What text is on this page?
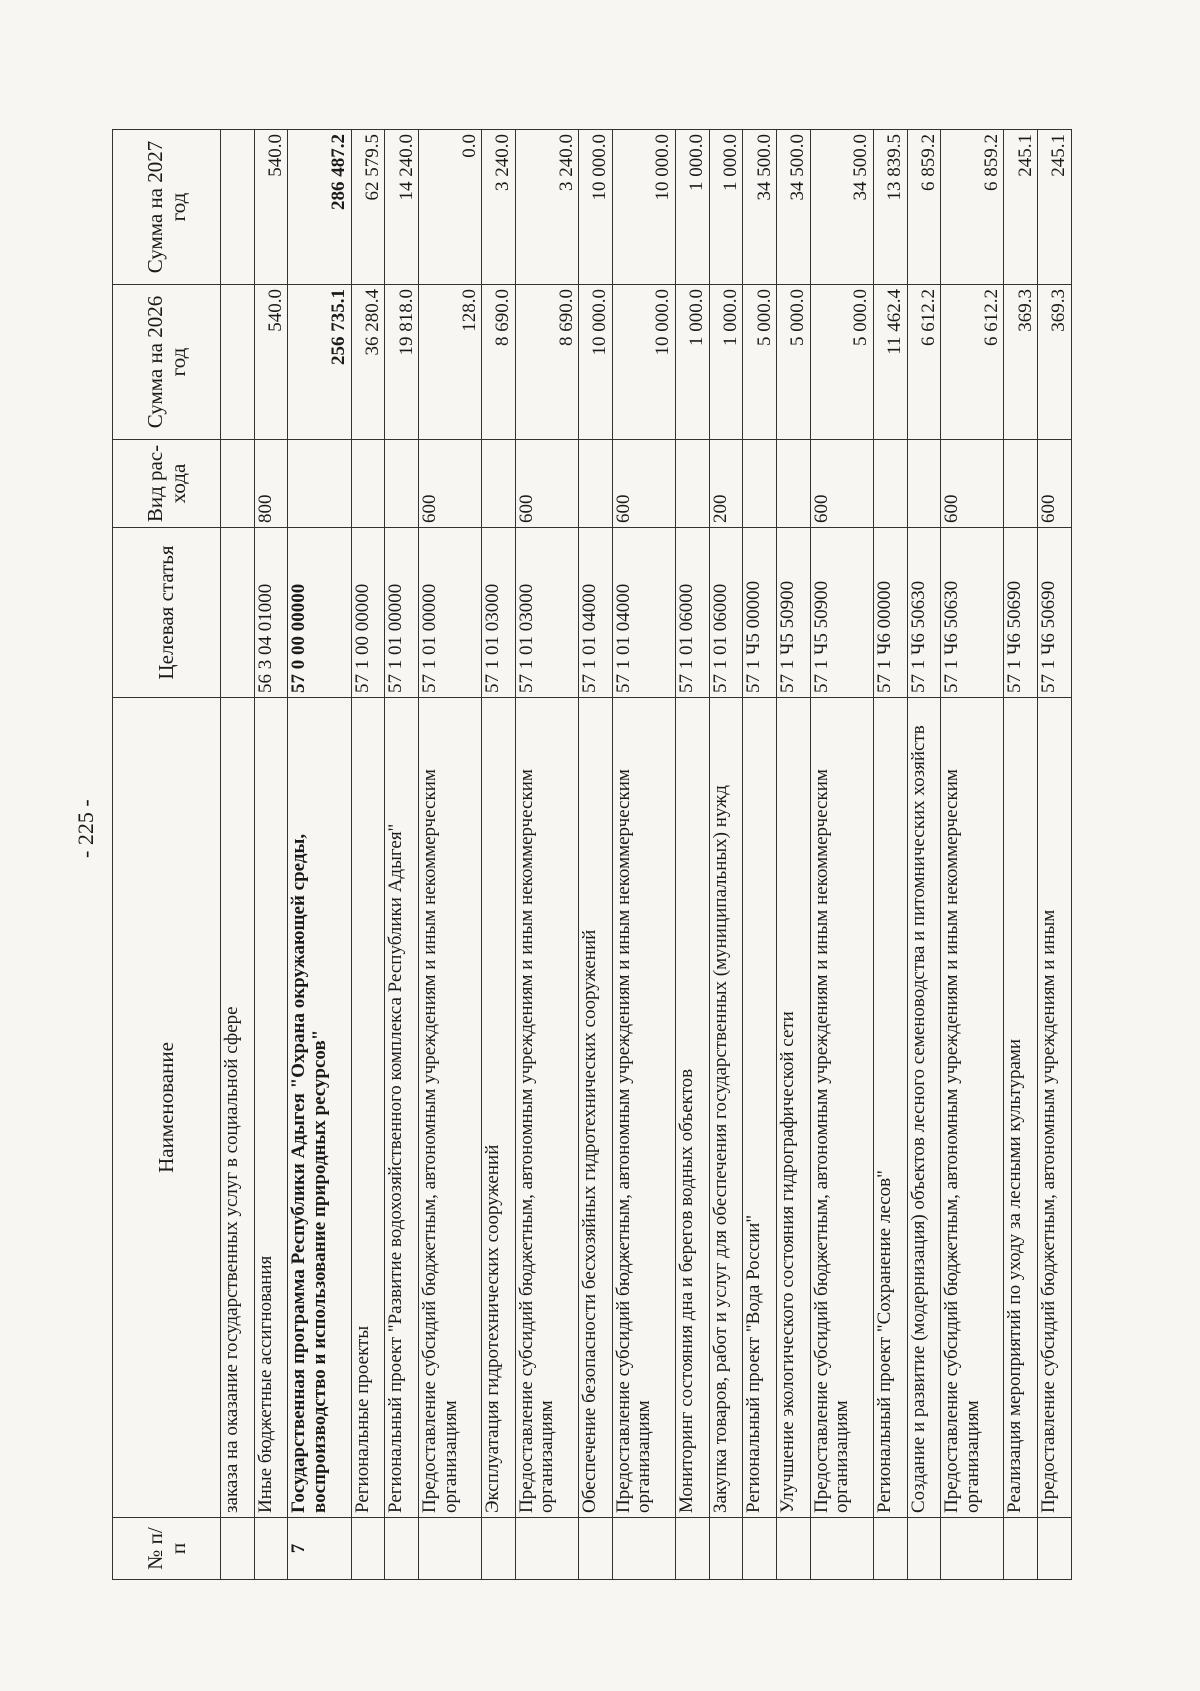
- 225 -
№ п/п	Наименование	Целевая статья	Вид рас-хода	Сумма на 2026 год	Сумма на 2027 год
	заказа на оказание государственных услуг в социальной сфере				
	Иные бюджетные ассигнования	56 3 04 01000	800	540.0	540.0
7	Государственная программа Республики Адыгея "Охрана окружающей среды, воспроизводство и использование природных ресурсов"	57 0 00 00000		256 735.1	286 487.2
	Региональные проекты	57 1 00 00000		36 280.4	62 579.5
	Региональный проект "Развитие водохозяйственного комплекса Республики Адыгея"	57 1 01 00000		19 818.0	14 240.0
	Предоставление субсидий бюджетным, автономным учреждениям и иным некоммерческим организациям	57 1 01 00000	600	128.0	0.0
	Эксплуатация гидротехнических сооружений	57 1 01 03000		8 690.0	3 240.0
	Предоставление субсидий бюджетным, автономным учреждениям и иным некоммерческим организациям	57 1 01 03000	600	8 690.0	3 240.0
	Обеспечение безопасности бесхозяйных гидротехнических сооружений	57 1 01 04000		10 000.0	10 000.0
	Предоставление субсидий бюджетным, автономным учреждениям и иным некоммерческим организациям	57 1 01 04000	600	10 000.0	10 000.0
	Мониторинг состояния дна и берегов водных объектов	57 1 01 06000		1 000.0	1 000.0
	Закупка товаров, работ и услуг для обеспечения государственных (муниципальных) нужд	57 1 01 06000	200	1 000.0	1 000.0
	Региональный проект "Вода России"	57 1 Ч5 00000		5 000.0	34 500.0
	Улучшение экологического состояния гидрографической сети	57 1 Ч5 50900		5 000.0	34 500.0
	Предоставление субсидий бюджетным, автономным учреждениям и иным некоммерческим организациям	57 1 Ч5 50900	600	5 000.0	34 500.0
	Региональный проект "Сохранение лесов"	57 1 Ч6 00000		11 462.4	13 839.5
	Создание и развитие (модернизация) объектов лесного семеноводства и питомнических хозяйств	57 1 Ч6 50630		6 612.2	6 859.2
	Предоставление субсидий бюджетным, автономным учреждениям и иным некоммерческим организациям	57 1 Ч6 50630	600	6 612.2	6 859.2
	Реализация мероприятий по уходу за лесными культурами	57 1 Ч6 50690		369.3	245.1
	Предоставление субсидий бюджетным, автономным учреждениям и иным	57 1 Ч6 50690	600	369.3	245.1
